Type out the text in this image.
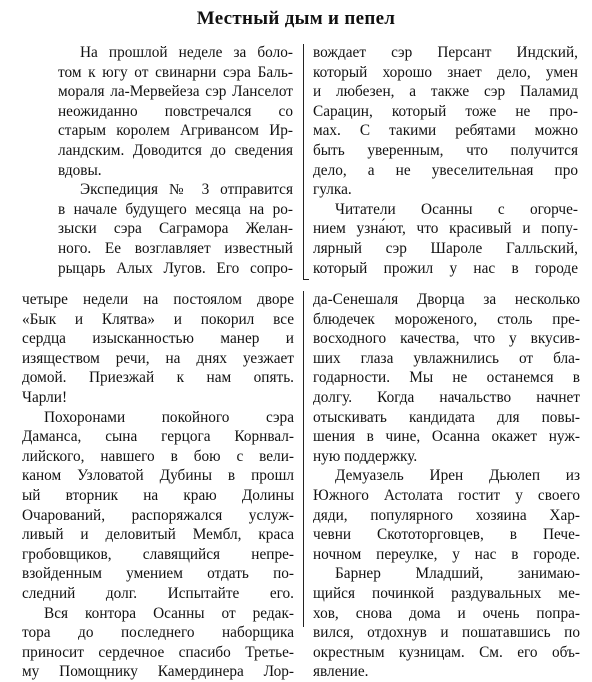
Местный дым и пепел
На прошлой неделе за боло-
том к югу от свинарни сэра Баль-
мораля ла-Мервейеза сэр Ланселот
неожиданно повстречался со
старым королем Агривансом Ир-
ландским. Доводится до сведения
вдовы.
Экспедиция № 3 отправится
в начале будущего месяца на ро-
зыски сэра Саграмора Желан-
ного. Ее возглавляет известный
рыцарь Алых Лугов. Его сопро-
вождает сэр Персант Индский,
который хорошо знает дело, умен
и любезен, а также сэр Паламид
Сарацин, который тоже не про-
мах. С такими ребятами можно
быть уверенным, что получится
дело, а не увеселительная про
гулка.
Читатели Осанны с огорче-
нием узна́ют, что красивый и попу-
лярный сэр Шароле Галльский,
который прожил у нас в городе
четыре недели на постоялом дворе
«Бык и Клятва» и покорил все
сердца изысканностью манер и
изяществом речи, на днях уезжает
домой. Приезжай к нам опять.
Чарли!
Похоронами покойного сэра
Даманса, сына герцога Корнвал-
лийского, навшего в бою с вели-
каном Узловатой Дубины в прошл
ый вторник на краю Долины
Очарований, распоряжался услуж-
ливый и деловитый Мембл, краса
гробовщиков, славящийся непре-
взойденным умением отдать по-
следний долг. Испытайте его.
Вся контора Осанны от редак-
тора до последнего наборщика
приносит сердечное спасибо Третье-
му Помощнику Камердинера Лор-
да-Сенешаля Дворца за несколько
блюдечек мороженого, столь пре-
восходного качества, что у вкусив-
ших глаза увлажнились от бла-
годарности. Мы не останемся в
долгу. Когда начальство начнет
отыскивать кандидата для повы-
шения в чине, Осанна окажет нуж-
ную поддержку.
Демуазель Ирен Дьюлеп из
Южного Астолата гостит у своего
дяди, популярного хозяина Хар-
чевни Скототорговцев, в Пече-
ночном переулке, у нас в городе.
Барнер Младший, занимаю-
щийся починкой раздувальных ме-
хов, снова дома и очень попра-
вился, отдохнув и пошатавшись по
окрестным кузницам. См. его объ-
явление.
